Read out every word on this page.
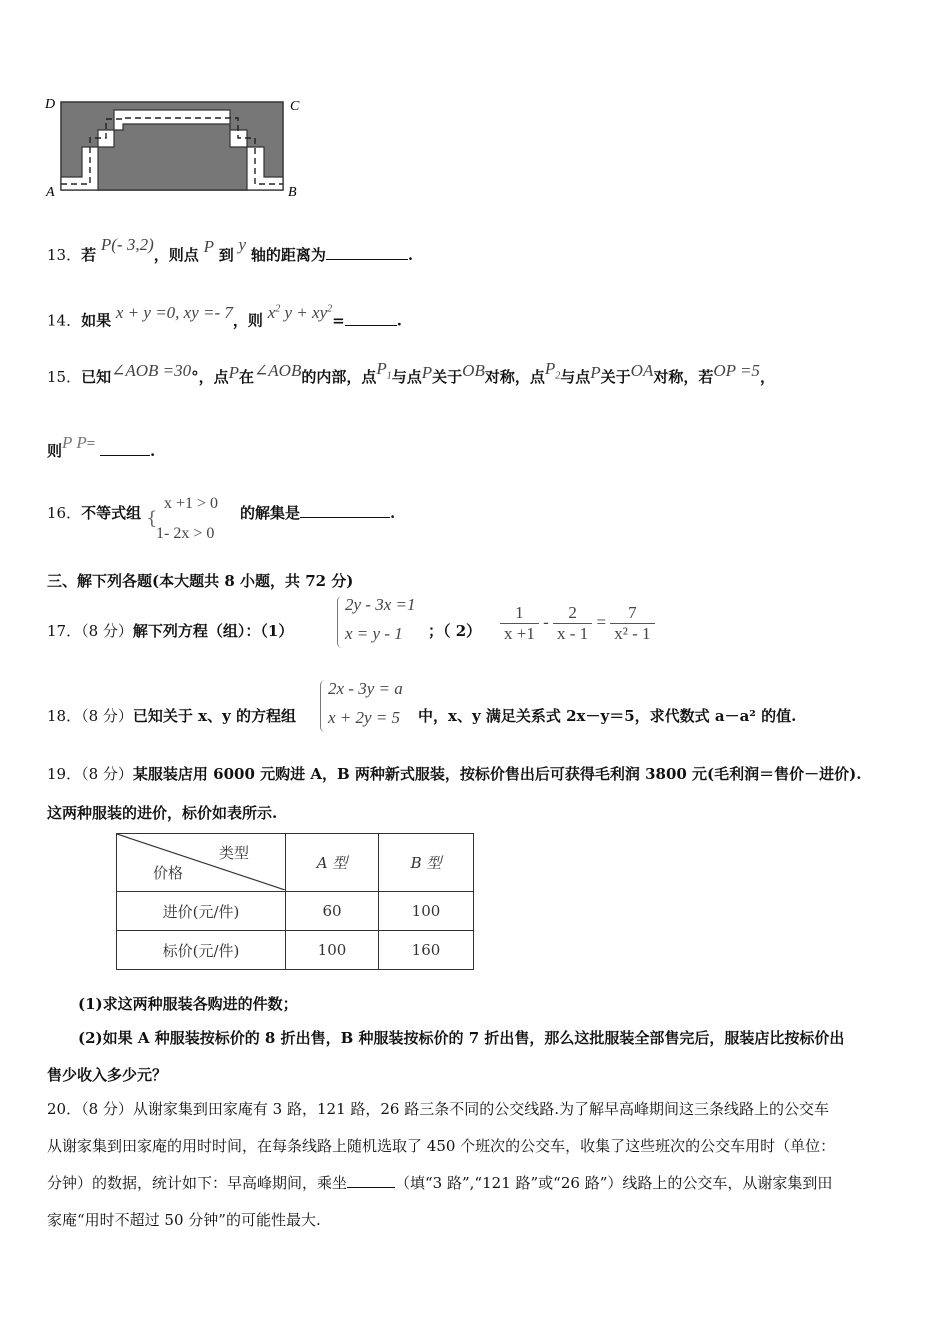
D	C
A	B
13．若 P(- 3,2)，则点 P 到 y 轴的距离为	.
14．如果 x + y =0, xy =- 7，则 $x^2$ $y + xy^2=$	.
15．已知∠AOB =30°，点P在∠AOB的内部，点$P_1$与点P关于OB对称，点$P_2$与点P关于OA对称，若OP =5，
则P P=	.
16．不等式组 {
x +1 > 0
1- 2x > 0
的解集是	.
三、解下列各题(本大题共 8 小题，共 72 分)
17．（8 分）解下列方程（组）：（1）
2y - 3x =1
x = y - 1 ；（ $2) \frac{1}{x +1} - \frac{2}{x - 1} = \frac{7}{\text{x² - 1}}$
18．（8 分）已知关于 x、y 的方程组
2x - 3y = a
x + 2y = 5 中，x、y 满足关系式 2x－y＝5，求代数式 a－a² 的值.
19．（8 分）某服装店用 6000 元购进 A，B 两种新式服装，按标价售出后可获得毛利润 3800 元(毛利润＝售价－进价).
这两种服装的进价，标价如表所示.
类型
价格	A 型	B 型
进价(元/件)	60	100
标价(元/件)	100	160
(1)求这两种服装各购进的件数；
(2)如果 A 种服装按标价的 8 折出售，B 种服装按标价的 7 折出售，那么这批服装全部售完后，服装店比按标价出
售少收入多少元？
20．（8 分）从谢家集到田家庵有 3 路，121 路，26 路三条不同的公交线路.为了解早高峰期间这三条线路上的公交车
从谢家集到田家庵的用时时间，在每条线路上随机选取了 450 个班次的公交车，收集了这些班次的公交车用时（单位：
分钟）的数据，统计如下：早高峰期间，乘坐	（填“3 路”,“121 路”或“26 路”）线路上的公交车，从谢家集到田
家庵“用时不超过 50 分钟”的可能性最大.
